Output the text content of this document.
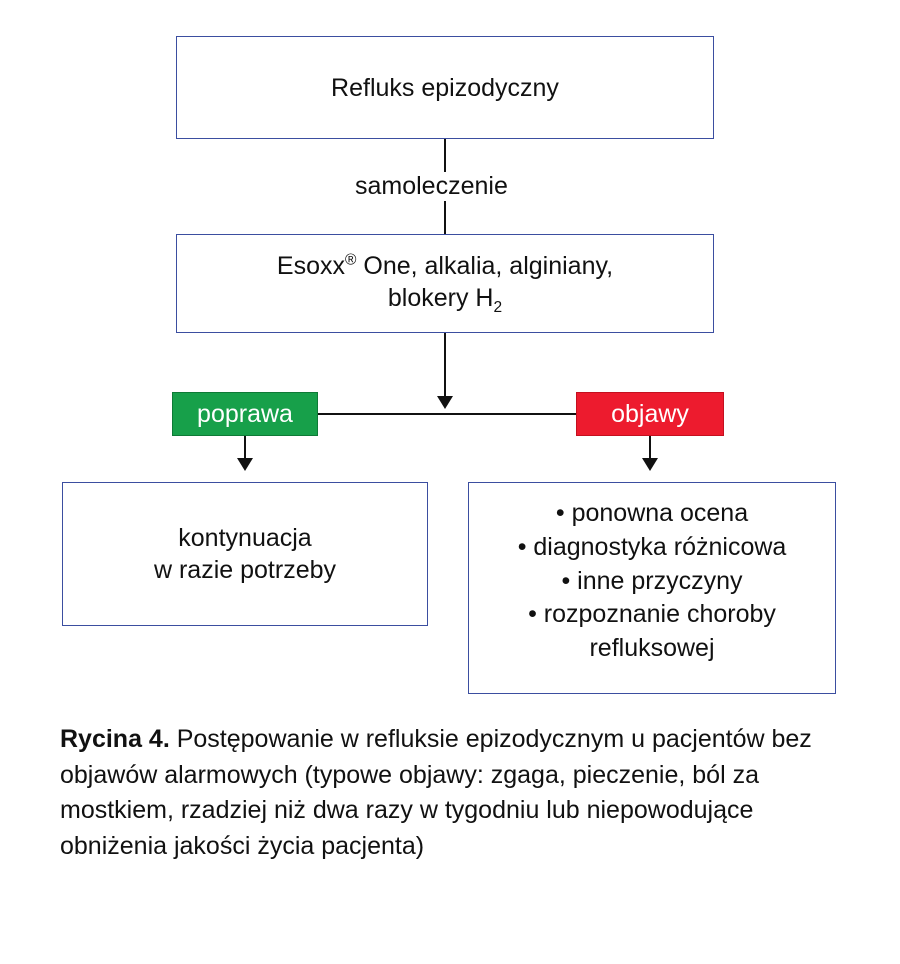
Refluks epizodyczny
samoleczenie
Esoxx® One, alkalia, alginiany,
blokery $H_2$
poprawa	objawy
kontynuacja
w razie potrzeby
• ponowna ocena
• diagnostyka różnicowa
• inne przyczyny
• rozpoznanie choroby
refluksowej
Rycina 4. Postępowanie w refluksie epizodycznym u pacjentów bez objawów alarmowych (typowe objawy: zgaga, pieczenie, ból za mostkiem, rzadziej niż dwa razy w tygodniu lub niepowodujące obniżenia jakości życia pacjenta)
